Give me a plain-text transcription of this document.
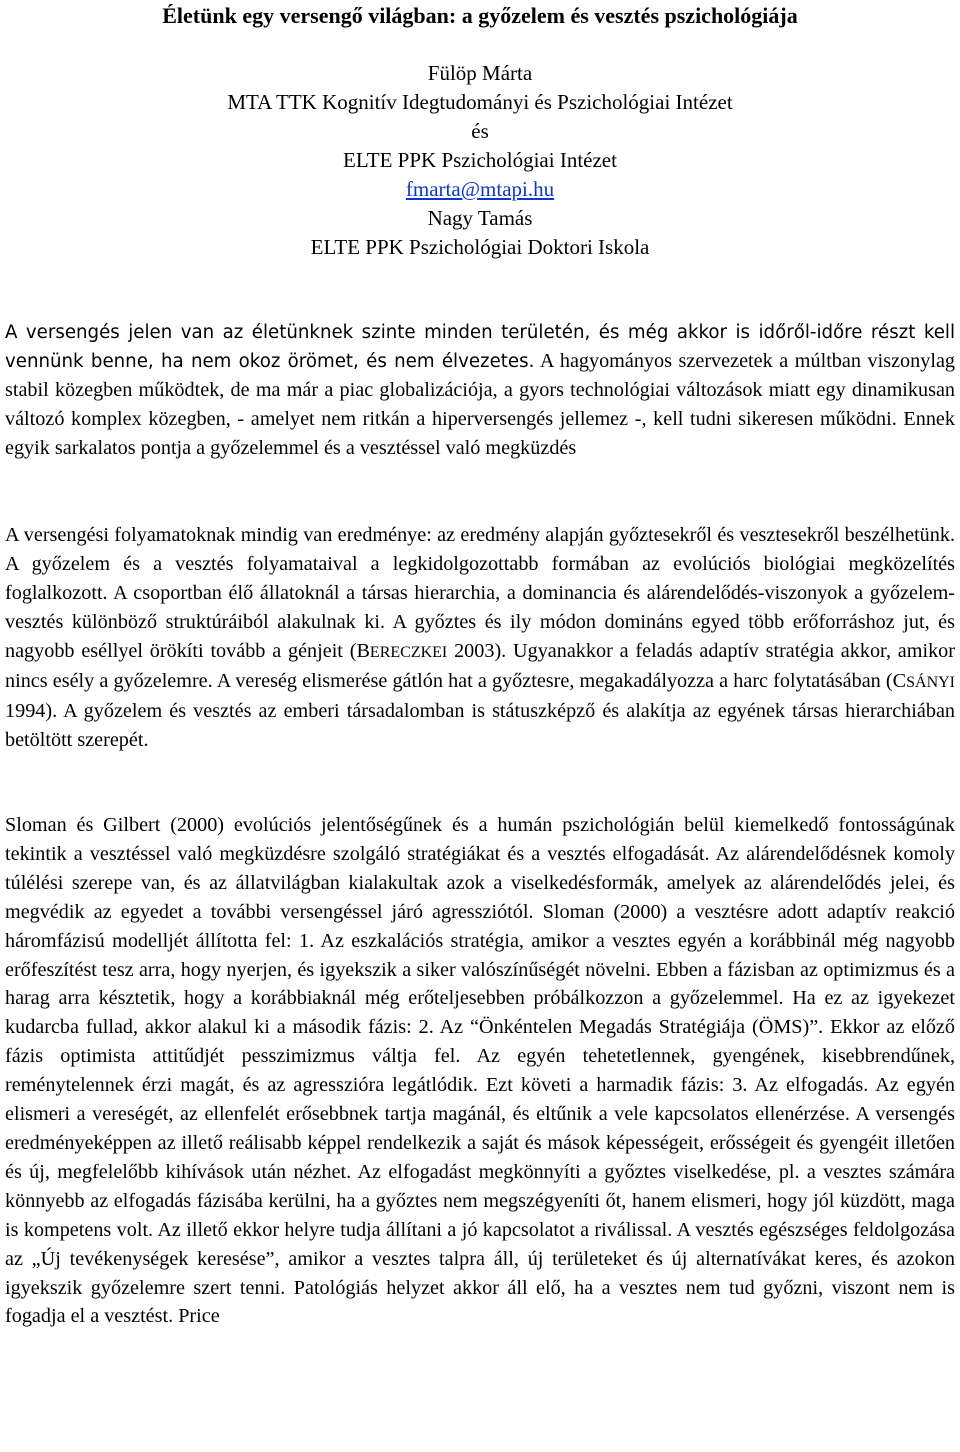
Életünk egy versengő világban: a győzelem és vesztés pszichológiája
Fülöp Márta
MTA TTK Kognitív Idegtudományi és Pszichológiai Intézet
és
ELTE PPK Pszichológiai Intézet
fmarta@mtapi.hu
Nagy Tamás
ELTE PPK Pszichológiai Doktori Iskola

A versengés jelen van az életünknek szinte minden területén, és még akkor is időről-időre részt kell vennünk benne, ha nem okoz örömet, és nem élvezetes. A hagyományos szervezetek a múltban viszonylag stabil közegben működtek, de ma már a piac globalizációja, a gyors technológiai változások miatt egy dinamikusan változó komplex közegben, - amelyet nem ritkán a hiperversengés jellemez -, kell tudni sikeresen működni. Ennek egyik sarkalatos pontja a győzelemmel és a vesztéssel való megküzdés

A versengési folyamatoknak mindig van eredménye: az eredmény alapján győztesekről és vesztesekről beszélhetünk. A győzelem és a vesztés folyamataival a legkidolgozottabb formában az evolúciós biológiai megközelítés foglalkozott. A csoportban élő állatoknál a társas hierarchia, a dominancia és alárendelődés-viszonyok a győzelem-vesztés különböző struktúráiból alakulnak ki. A győztes és ily módon domináns egyed több erőforráshoz jut, és nagyobb eséllyel örökíti tovább a génjeit (BERECZKEI 2003). Ugyanakkor a feladás adaptív stratégia akkor, amikor nincs esély a győzelemre. A vereség elismerése gátlón hat a győztesre, megakadályozza a harc folytatásában (CSÁNYI 1994). A győzelem és vesztés az emberi társadalomban is státuszképző és alakítja az egyének társas hierarchiában betöltött szerepét.

Sloman és Gilbert (2000) evolúciós jelentőségűnek és a humán pszichológián belül kiemelkedő fontosságúnak tekintik a vesztéssel való megküzdésre szolgáló stratégiákat és a vesztés elfogadását. Az alárendelődésnek komoly túlélési szerepe van, és az állatvilágban kialakultak azok a viselkedésformák, amelyek az alárendelődés jelei, és megvédik az egyedet a további versengéssel járó agressziótól. Sloman (2000) a vesztésre adott adaptív reakció háromfázisú modelljét állította fel: 1. Az eszkalációs stratégia, amikor a vesztes egyén a korábbinál még nagyobb erőfeszítést tesz arra, hogy nyerjen, és igyekszik a siker valószínűségét növelni. Ebben a fázisban az optimizmus és a harag arra késztetik, hogy a korábbiaknál még erőteljesebben próbálkozzon a győzelemmel. Ha ez az igyekezet kudarcba fullad, akkor alakul ki a második fázis: 2. Az “Önkéntelen Megadás Stratégiája (ÖMS)”. Ekkor az előző fázis optimista attitűdjét pesszimizmus váltja fel. Az egyén tehetetlennek, gyengének, kisebbrendűnek, reménytelennek érzi magát, és az agresszióra legátlódik. Ezt követi a harmadik fázis: 3. Az elfogadás. Az egyén elismeri a vereségét, az ellenfelét erősebbnek tartja magánál, és eltűnik a vele kapcsolatos ellenérzése. A versengés eredményeképpen az illető reálisabb képpel rendelkezik a saját és mások képességeit, erősségeit és gyengéit illetően és új, megfelelőbb kihívások után nézhet. Az elfogadást megkönnyíti a győztes viselkedése, pl. a vesztes számára könnyebb az elfogadás fázisába kerülni, ha a győztes nem megszégyeníti őt, hanem elismeri, hogy jól küzdött, maga is kompetens volt. Az illető ekkor helyre tudja állítani a jó kapcsolatot a riválissal. A vesztés egészséges feldolgozása az „Új tevékenységek keresése”, amikor a vesztes talpra áll, új területeket és új alternatívákat keres, és azokon igyekszik győzelemre szert tenni. Patológiás helyzet akkor áll elő, ha a vesztes nem tud győzni, viszont nem is fogadja el a vesztést. Price
